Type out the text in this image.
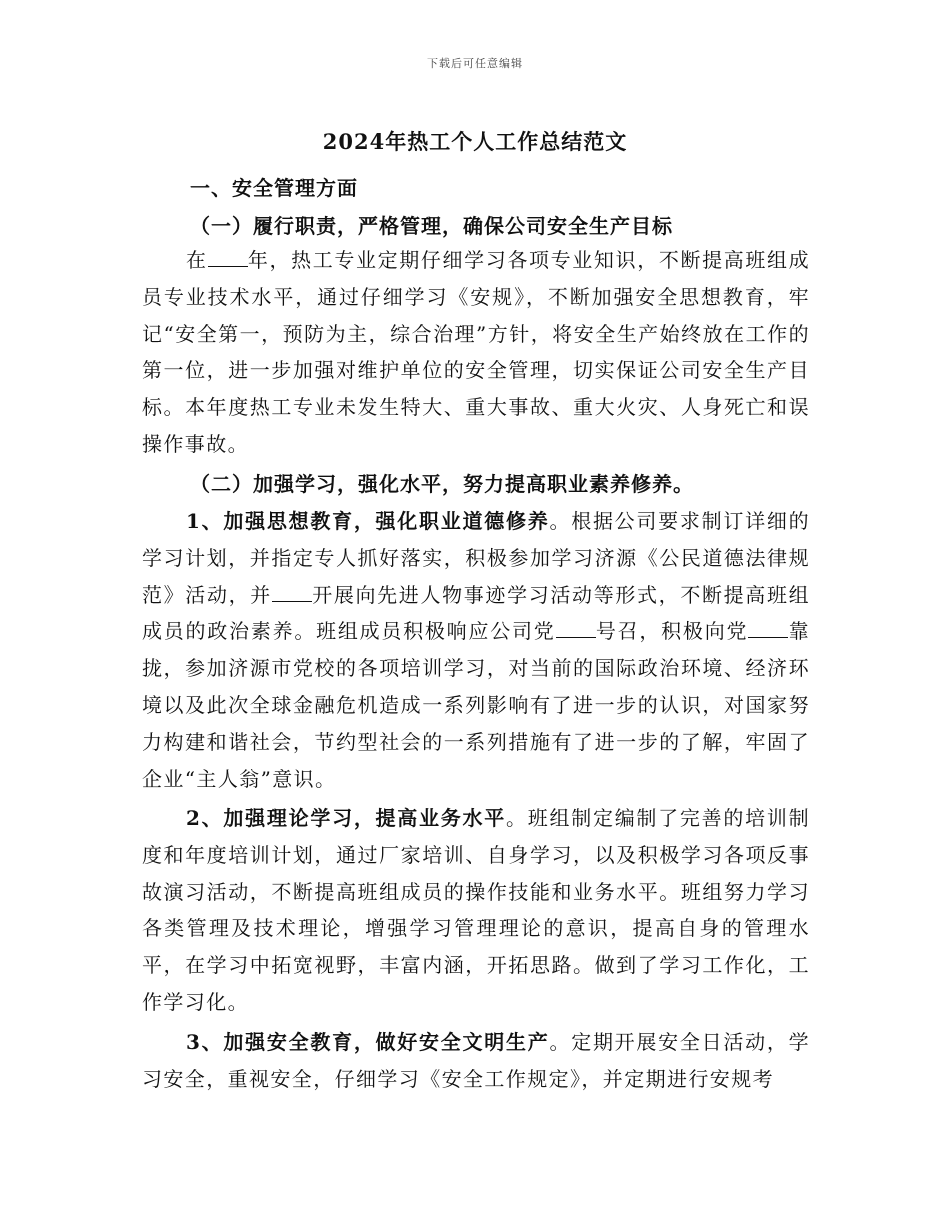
下载后可任意编辑
2024年热工个人工作总结范文
一、安全管理方面
（一）履行职责，严格管理，确保公司安全生产目标
在 年，热工专业定期仔细学习各项专业知识，不断提高班组成员专业技术水平，通过仔细学习《安规》，不断加强安全思想教育，牢记“安全第一，预防为主，综合治理”方针，将安全生产始终放在工作的第一位，进一步加强对维护单位的安全管理，切实保证公司安全生产目标。本年度热工专业未发生特大、重大事故、重大火灾、人身死亡和误操作事故。
（二）加强学习，强化水平，努力提高职业素养修养。
1、加强思想教育，强化职业道德修养。根据公司要求制订详细的学习计划，并指定专人抓好落实，积极参加学习济源《公民道德法律规范》活动，并 开展向先进人物事迹学习活动等形式，不断提高班组成员的政治素养。班组成员积极响应公司党 号召，积极向党 靠拢，参加济源市党校的各项培训学习，对当前的国际政治环境、经济环境以及此次全球金融危机造成一系列影响有了进一步的认识，对国家努力构建和谐社会，节约型社会的一系列措施有了进一步的了解，牢固了企业“主人翁”意识。
2、加强理论学习，提高业务水平。班组制定编制了完善的培训制度和年度培训计划，通过厂家培训、自身学习，以及积极学习各项反事故演习活动，不断提高班组成员的操作技能和业务水平。班组努力学习各类管理及技术理论，增强学习管理理论的意识，提高自身的管理水平，在学习中拓宽视野，丰富内涵，开拓思路。做到了学习工作化，工作学习化。
3、加强安全教育，做好安全文明生产。定期开展安全日活动，学习安全，重视安全，仔细学习《安全工作规定》，并定期进行安规考
